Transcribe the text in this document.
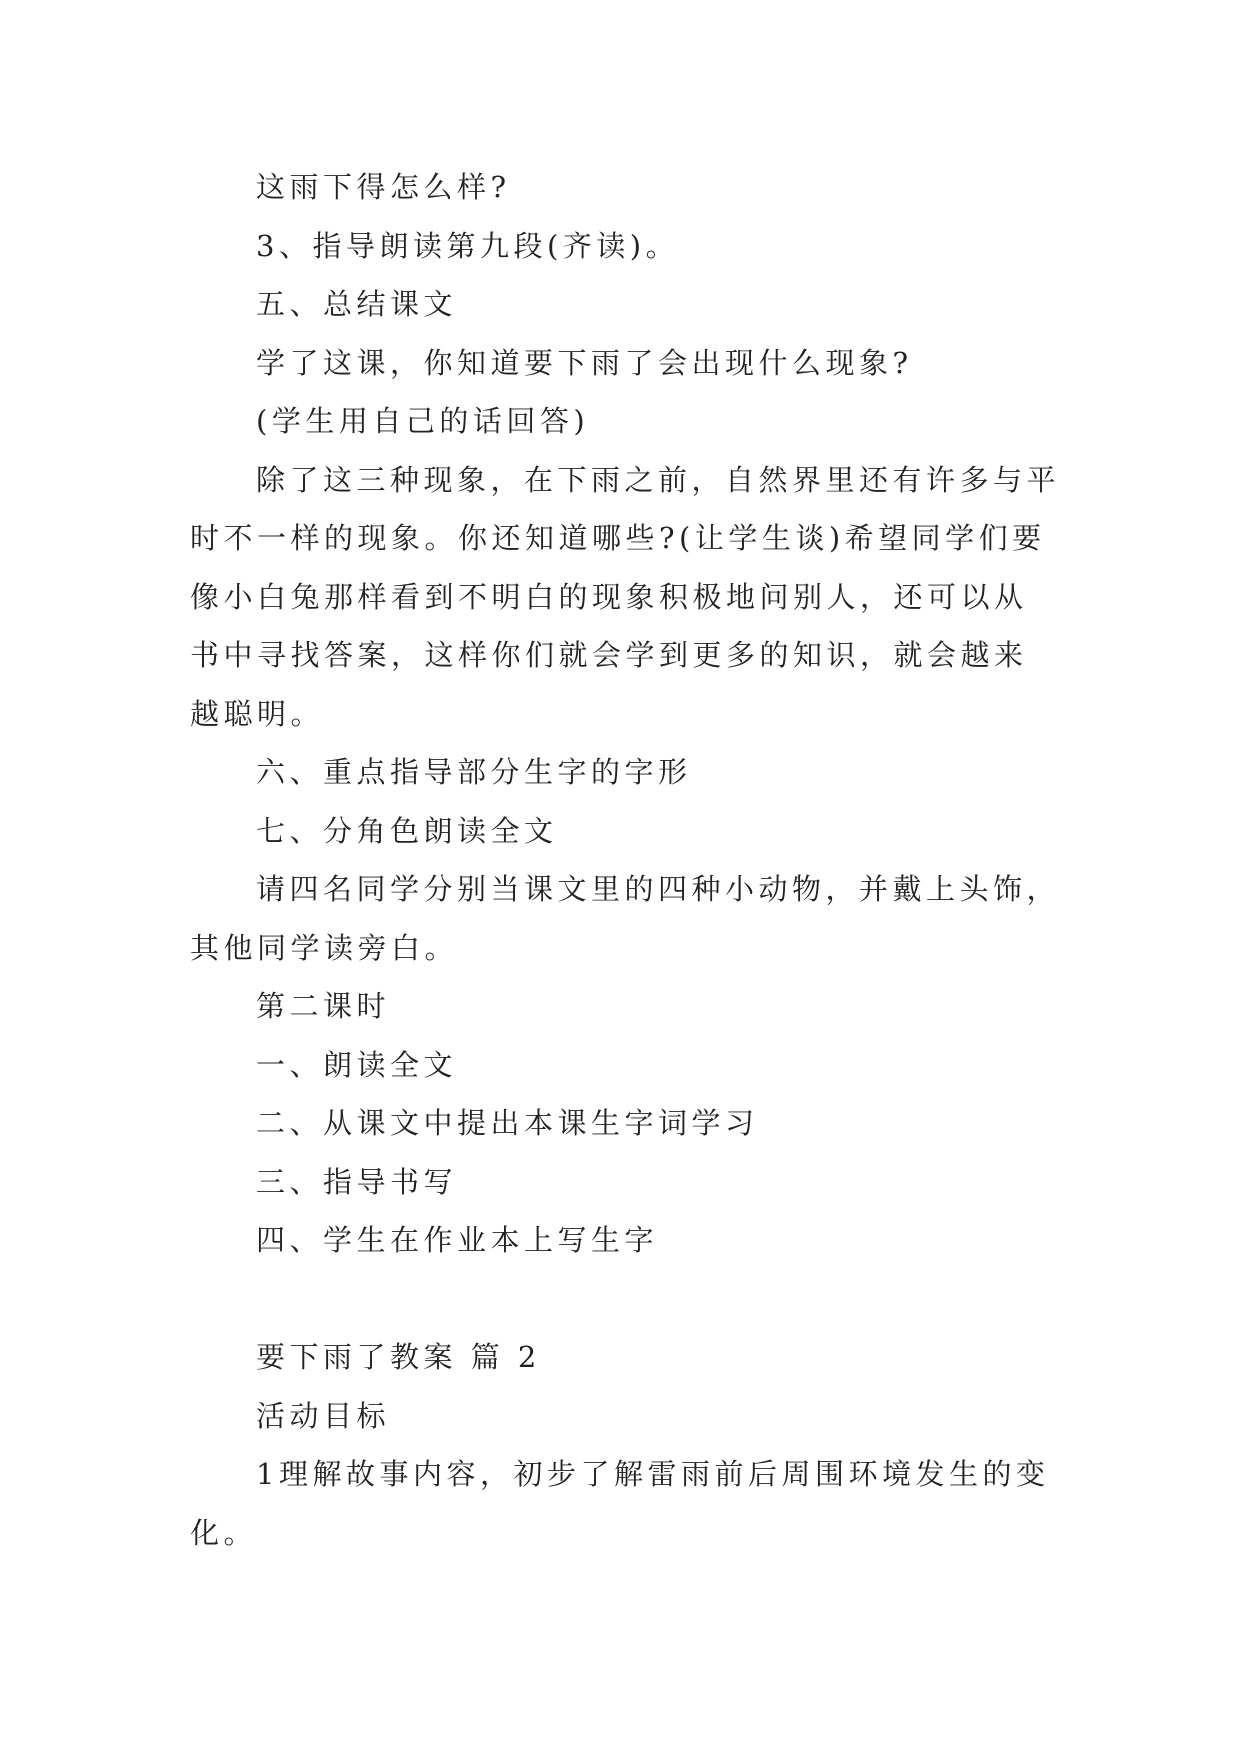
这雨下得怎么样?

3、指导朗读第九段(齐读)。

五、总结课文

学了这课，你知道要下雨了会出现什么现象?

(学生用自己的话回答)

除了这三种现象，在下雨之前，自然界里还有许多与平时不一样的现象。你还知道哪些?(让学生谈)希望同学们要像小白兔那样看到不明白的现象积极地问别人，还可以从书中寻找答案，这样你们就会学到更多的知识，就会越来越聪明。

六、重点指导部分生字的字形

七、分角色朗读全文

请四名同学分别当课文里的四种小动物，并戴上头饰，其他同学读旁白。

第二课时

一、朗读全文

二、从课文中提出本课生字词学习

三、指导书写

四、学生在作业本上写生字

要下雨了教案 篇 2

活动目标

1理解故事内容，初步了解雷雨前后周围环境发生的变化。
